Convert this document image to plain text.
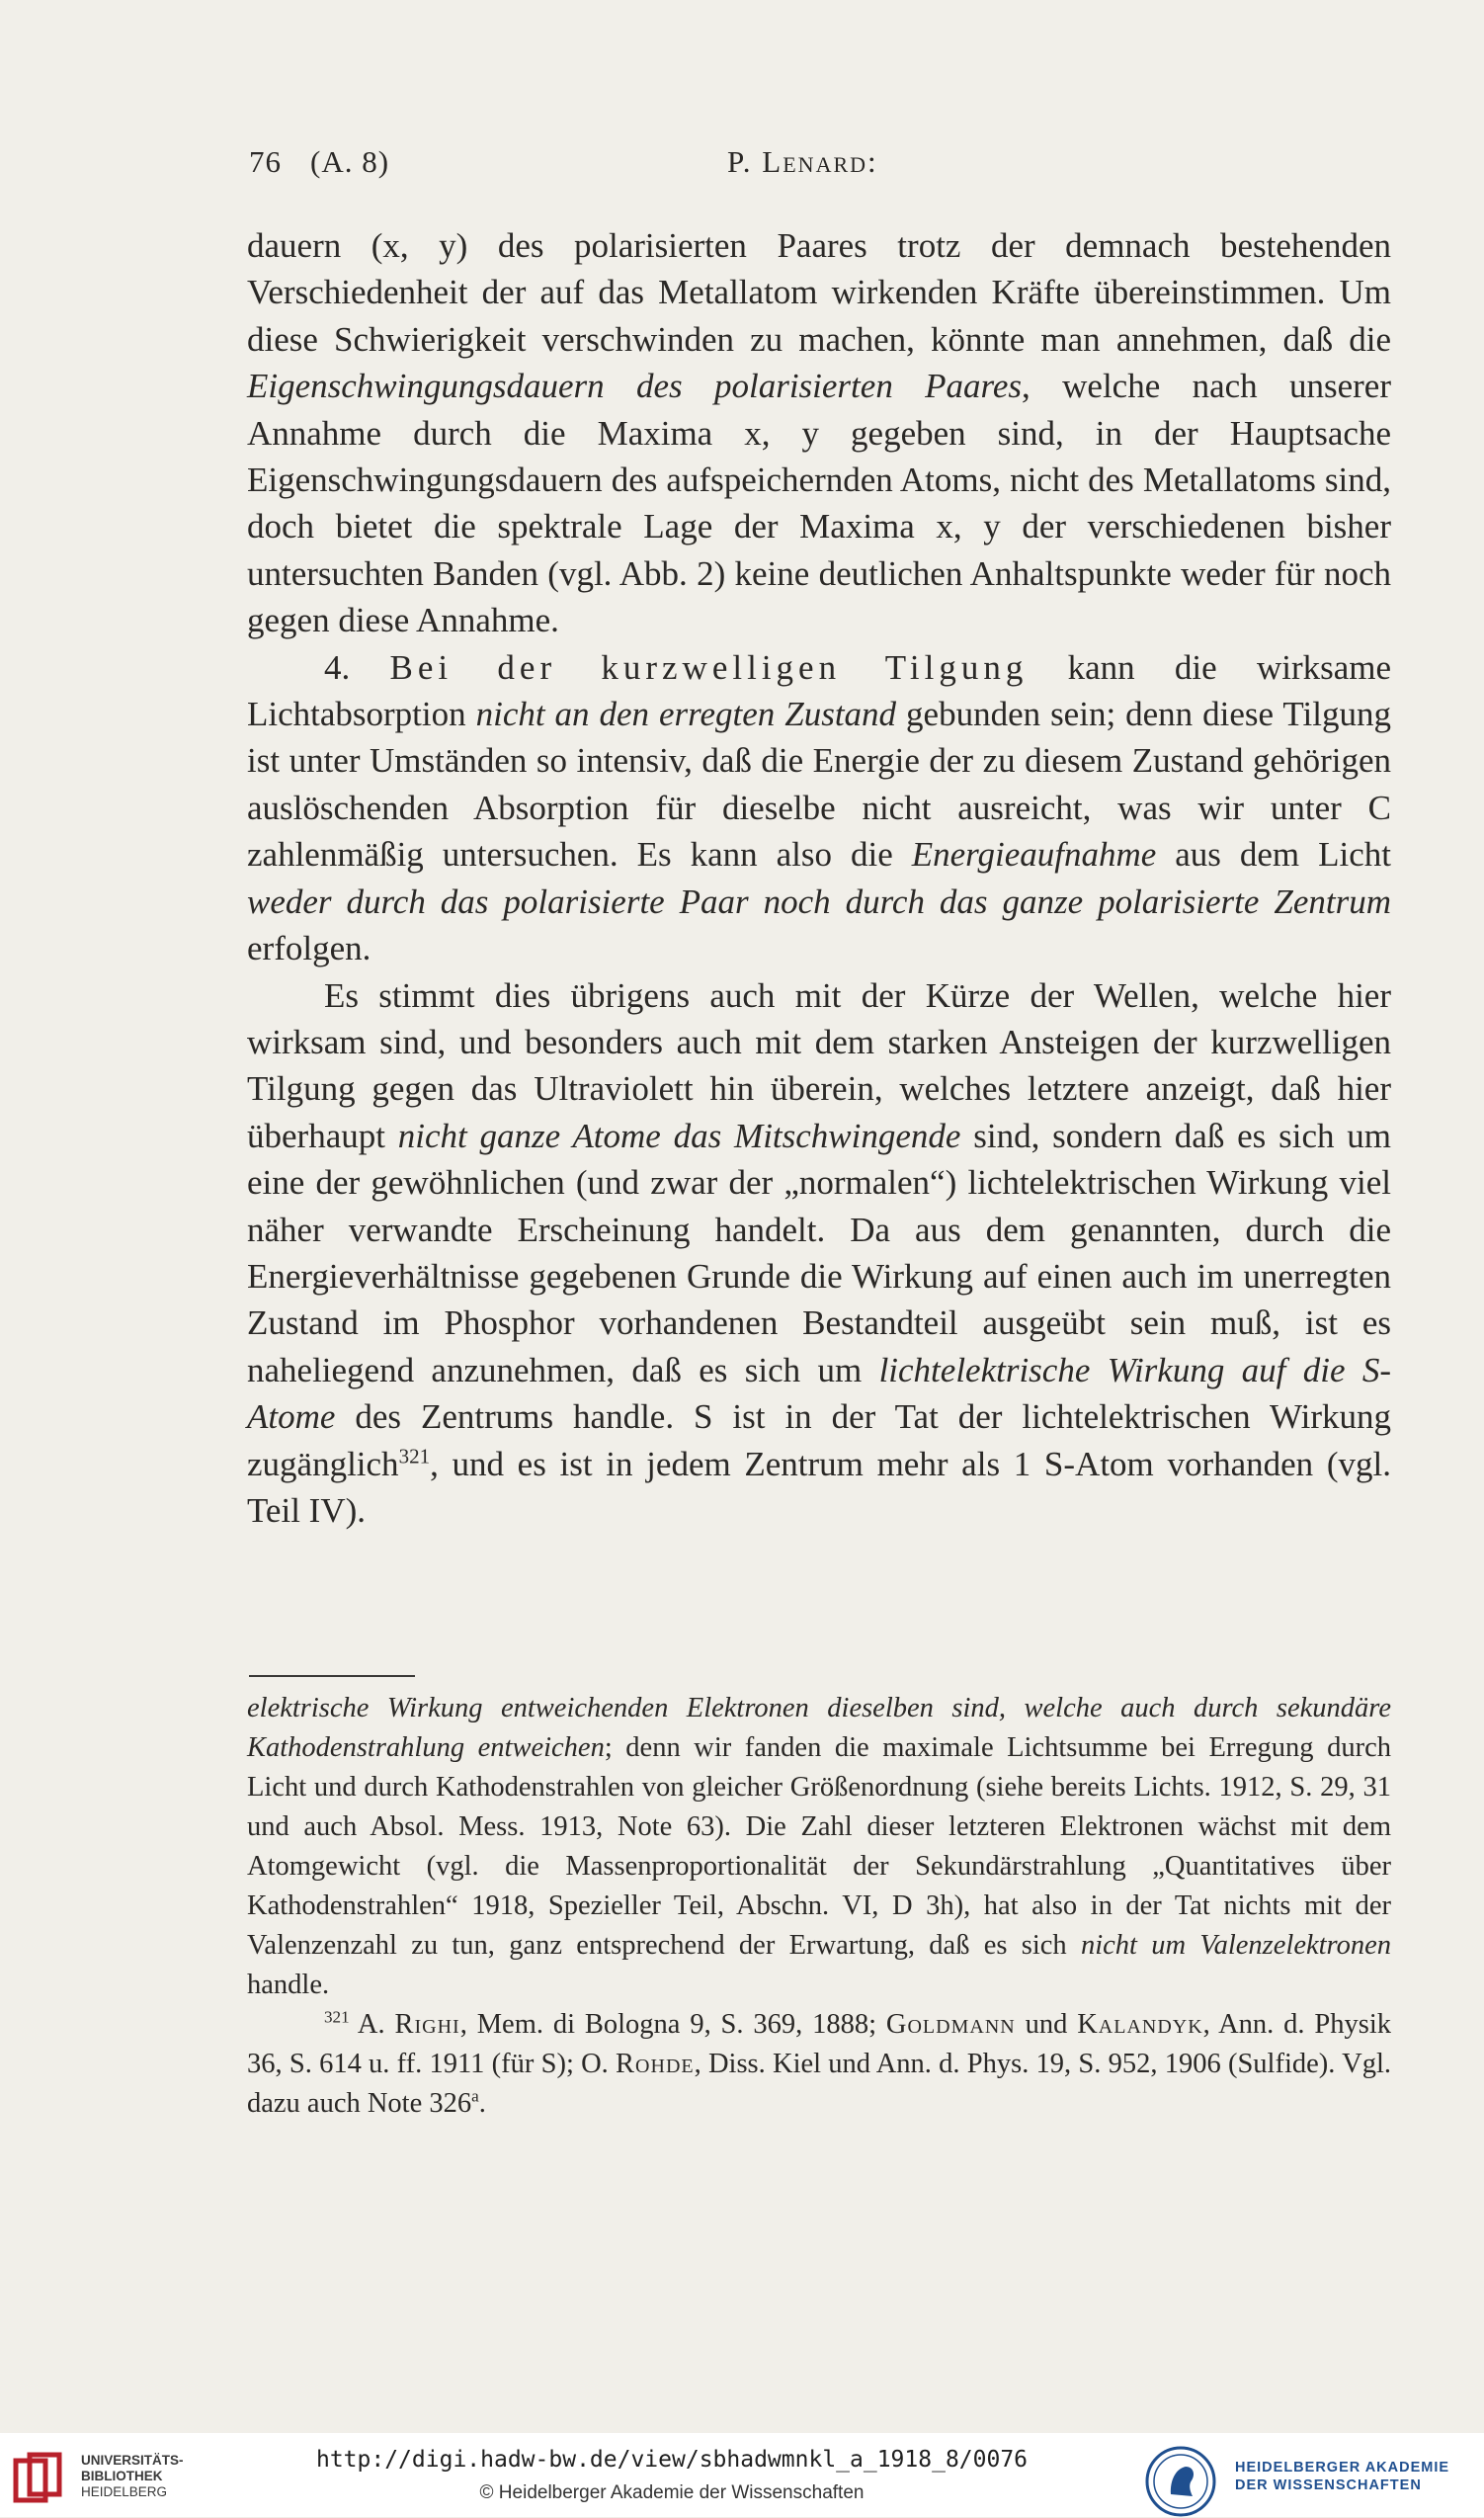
76 (A. 8)	P. Lenard:

dauern (x, y) des polarisierten Paares trotz der demnach bestehenden Verschiedenheit der auf das Metallatom wirkenden Kräfte übereinstimmen. Um diese Schwierigkeit verschwinden zu machen, könnte man annehmen, daß die Eigenschwingungsdauern des polarisierten Paares, welche nach unserer Annahme durch die Maxima x, y gegeben sind, in der Hauptsache Eigenschwingungsdauern des aufspeichernden Atoms, nicht des Metallatoms sind, doch bietet die spektrale Lage der Maxima x, y der verschiedenen bisher untersuchten Banden (vgl. Abb. 2) keine deutlichen Anhaltspunkte weder für noch gegen diese Annahme.

4. Bei der kurzwelligen Tilgung kann die wirksame Lichtabsorption nicht an den erregten Zustand gebunden sein; denn diese Tilgung ist unter Umständen so intensiv, daß die Energie der zu diesem Zustand gehörigen auslöschenden Absorption für dieselbe nicht ausreicht, was wir unter C zahlenmäßig untersuchen. Es kann also die Energieaufnahme aus dem Licht weder durch das polarisierte Paar noch durch das ganze polarisierte Zentrum erfolgen.

Es stimmt dies übrigens auch mit der Kürze der Wellen, welche hier wirksam sind, und besonders auch mit dem starken Ansteigen der kurzwelligen Tilgung gegen das Ultraviolett hin überein, welches letztere anzeigt, daß hier überhaupt nicht ganze Atome das Mitschwingende sind, sondern daß es sich um eine der gewöhnlichen (und zwar der „normalen“) lichtelektrischen Wirkung viel näher verwandte Erscheinung handelt. Da aus dem genannten, durch die Energieverhältnisse gegebenen Grunde die Wirkung auf einen auch im unerregten Zustand im Phosphor vorhandenen Bestandteil ausgeübt sein muß, ist es naheliegend anzunehmen, daß es sich um lichtelektrische Wirkung auf die S-Atome des Zentrums handle. S ist in der Tat der lichtelektrischen Wirkung zugänglich$^{321}$, und es ist in jedem Zentrum mehr als 1 S-Atom vorhanden (vgl. Teil IV).

elektrische Wirkung entweichenden Elektronen dieselben sind, welche auch durch sekundäre Kathodenstrahlung entweichen; denn wir fanden die maximale Lichtsumme bei Erregung durch Licht und durch Kathodenstrahlen von gleicher Größenordnung (siehe bereits Lichts. 1912, S. 29, 31 und auch Absol. Mess. 1913, Note 63). Die Zahl dieser letzteren Elektronen wächst mit dem Atomgewicht (vgl. die Massenproportionalität der Sekundärstrahlung „Quantitatives über Kathodenstrahlen“ 1918, Spezieller Teil, Abschn. VI, D 3h), hat also in der Tat nichts mit der Valenzenzahl zu tun, ganz entsprechend der Erwartung, daß es sich nicht um Valenzelektronen handle.

$^{321}$ A. Righi, Mem. di Bologna 9, S. 369, 1888; Goldmann und Kalandyk, Ann. d. Physik 36, S. 614 u. ff. 1911 (für S); O. Rohde, Diss. Kiel und Ann. d. Phys. 19, S. 952, 1906 (Sulfide). Vgl. dazu auch Note 326$^a$.

UNIVERSITÄTS-
BIBLIOTHEK
HEIDELBERG
http://digi.hadw-bw.de/view/sbhadwmnkl_a_1918_8/0076
© Heidelberger Akademie der Wissenschaften
HEIDELBERGER AKADEMIE
DER WISSENSCHAFTEN
